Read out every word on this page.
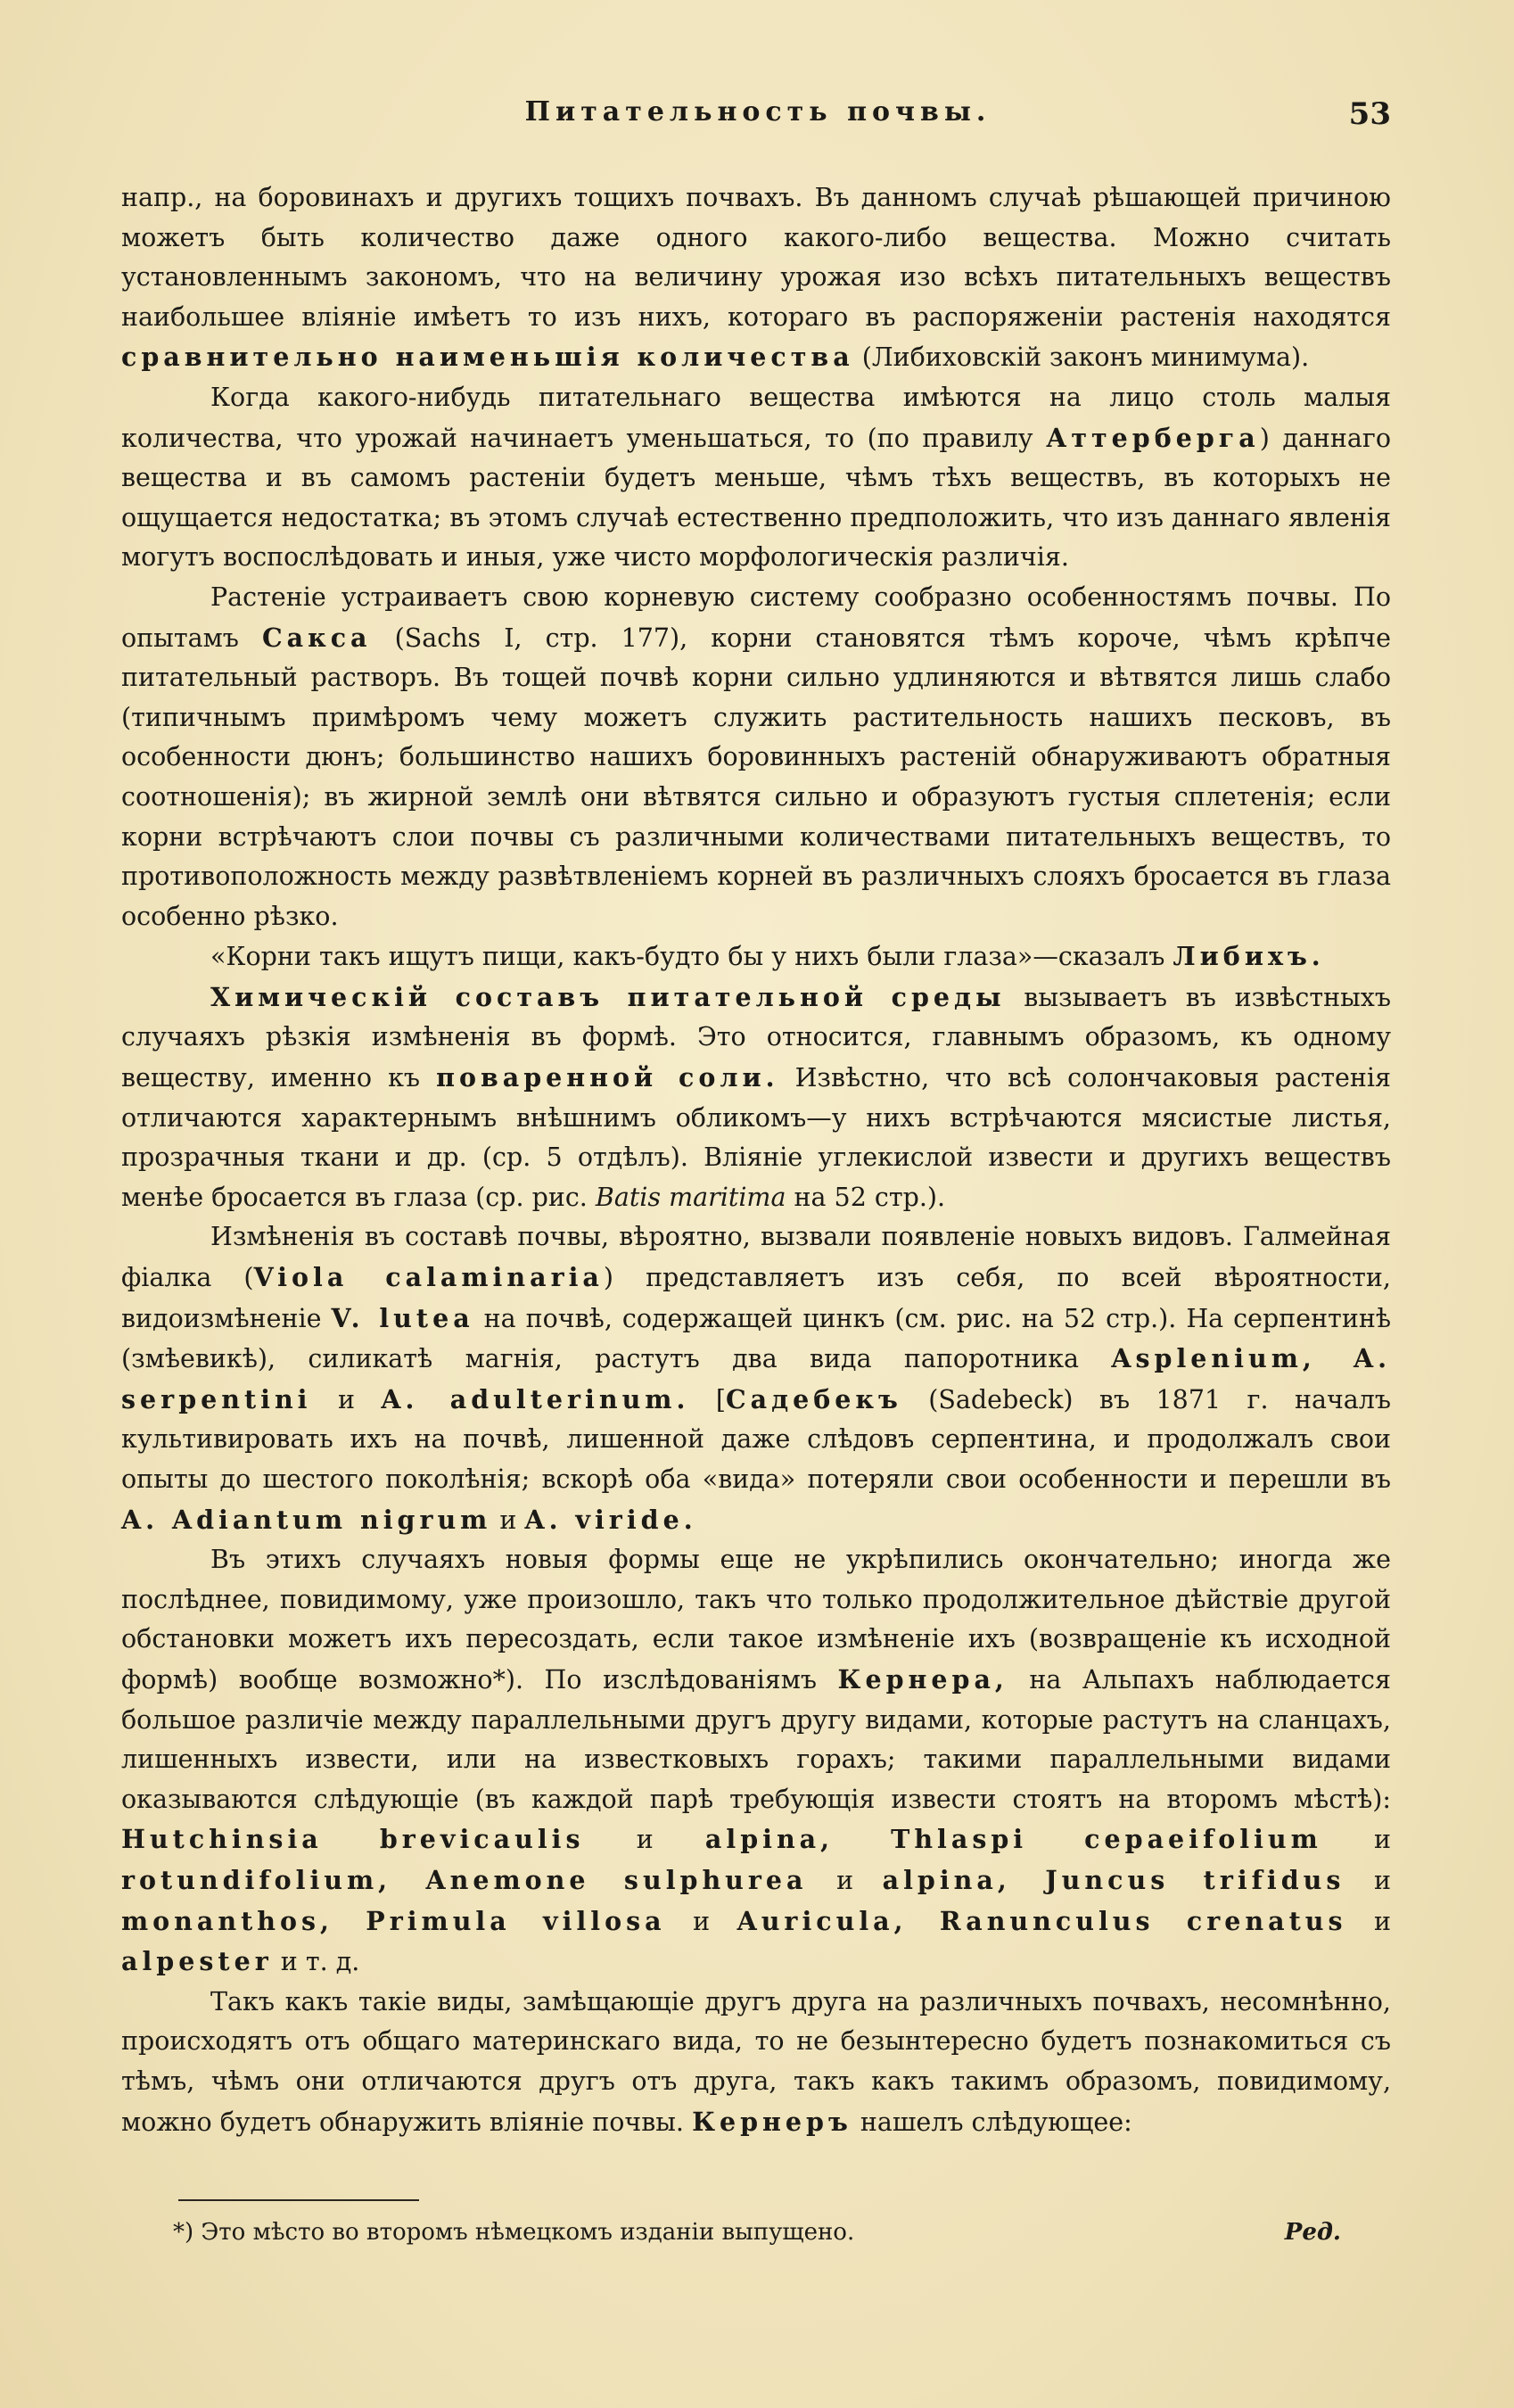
Питательность почвы.	53

напр., на боровинахъ и другихъ тощихъ почвахъ. Въ данномъ случаѣ рѣшающей причиною можетъ быть количество даже одного какого-либо вещества. Можно считать установленнымъ закономъ, что на величину урожая изо всѣхъ питательныхъ веществъ наибольшее вліяніе имѣетъ то изъ нихъ, котораго въ распоряженіи растенія находятся сравнительно наименьшія количества (Либиховскій законъ минимума).

Когда какого-нибудь питательнаго вещества имѣются на лицо столь малыя количества, что урожай начинаетъ уменьшаться, то (по правилу Аттерберга) даннаго вещества и въ самомъ растеніи будетъ меньше, чѣмъ тѣхъ веществъ, въ которыхъ не ощущается недостатка; въ этомъ случаѣ естественно предположить, что изъ даннаго явленія могутъ воспослѣдовать и иныя, уже чисто морфологическія различія.

Растеніе устраиваетъ свою корневую систему сообразно особенностямъ почвы. По опытамъ Сакса (Sachs I, стр. 177), корни становятся тѣмъ короче, чѣмъ крѣпче питательный растворъ. Въ тощей почвѣ корни сильно удлиняются и вѣтвятся лишь слабо (типичнымъ примѣромъ чему можетъ служить растительность нашихъ песковъ, въ особенности дюнъ; большинство нашихъ боровинныхъ растеній обнаруживаютъ обратныя соотношенія); въ жирной землѣ они вѣтвятся сильно и образуютъ густыя сплетенія; если корни встрѣчаютъ слои почвы съ различными количествами питательныхъ веществъ, то противоположность между развѣтвленіемъ корней въ различныхъ слояхъ бросается въ глаза особенно рѣзко.

«Корни такъ ищутъ пищи, какъ-будто бы у нихъ были глаза»—сказалъ Либихъ.

Химическій составъ питательной среды вызываетъ въ извѣстныхъ случаяхъ рѣзкія измѣненія въ формѣ. Это относится, главнымъ образомъ, къ одному веществу, именно къ поваренной соли. Извѣстно, что всѣ солончаковыя растенія отличаются характернымъ внѣшнимъ обликомъ—у нихъ встрѣчаются мясистые листья, прозрачныя ткани и др. (ср. 5 отдѣлъ). Вліяніе углекислой извести и другихъ веществъ менѣе бросается въ глаза (ср. рис. Batis maritima на 52 стр.).

Измѣненія въ составѣ почвы, вѣроятно, вызвали появленіе новыхъ видовъ. Галмейная фіалка (Viola calaminaria) представляетъ изъ себя, по всей вѣроятности, видоизмѣненіе V. lutea на почвѣ, содержащей цинкъ (см. рис. на 52 стр.). На серпентинѣ (змѣевикѣ), силикатѣ магнія, растутъ два вида папоротника Asplenium, A. serpentini и A. adulterinum. [Садебекъ (Sadebeck) въ 1871 г. началъ культивировать ихъ на почвѣ, лишенной даже слѣдовъ серпентина, и продолжалъ свои опыты до шестого поколѣнія; вскорѣ оба «вида» потеряли свои особенности и перешли въ A. Adiantum nigrum и A. viride.

Въ этихъ случаяхъ новыя формы еще не укрѣпились окончательно; иногда же послѣднее, повидимому, уже произошло, такъ что только продолжительное дѣйствіе другой обстановки можетъ ихъ пересоздать, если такое измѣненіе ихъ (возвращеніе къ исходной формѣ) вообще возможно*). По изслѣдованіямъ Кернера, на Альпахъ наблюдается большое различіе между параллельными другъ другу видами, которые растутъ на сланцахъ, лишенныхъ извести, или на известковыхъ горахъ; такими параллельными видами оказываются слѣдующіе (въ каждой парѣ требующія извести стоятъ на второмъ мѣстѣ): Hutchinsia brevicaulis и alpina, Thlaspi cepaeifolium и rotundifolium, Anemone sulphurea и alpina, Juncus trifidus и monanthos, Primula villosa и Auricula, Ranunculus crenatus и alpester и т. д.

Такъ какъ такіе виды, замѣщающіе другъ друга на различныхъ почвахъ, несомнѣнно, происходятъ отъ общаго материнскаго вида, то не безынтересно будетъ познакомиться съ тѣмъ, чѣмъ они отличаются другъ отъ друга, такъ какъ такимъ образомъ, повидимому, можно будетъ обнаружить вліяніе почвы. Кернеръ нашелъ слѣдующее:

*) Это мѣсто во второмъ нѣмецкомъ изданіи выпущено.	Ред.
